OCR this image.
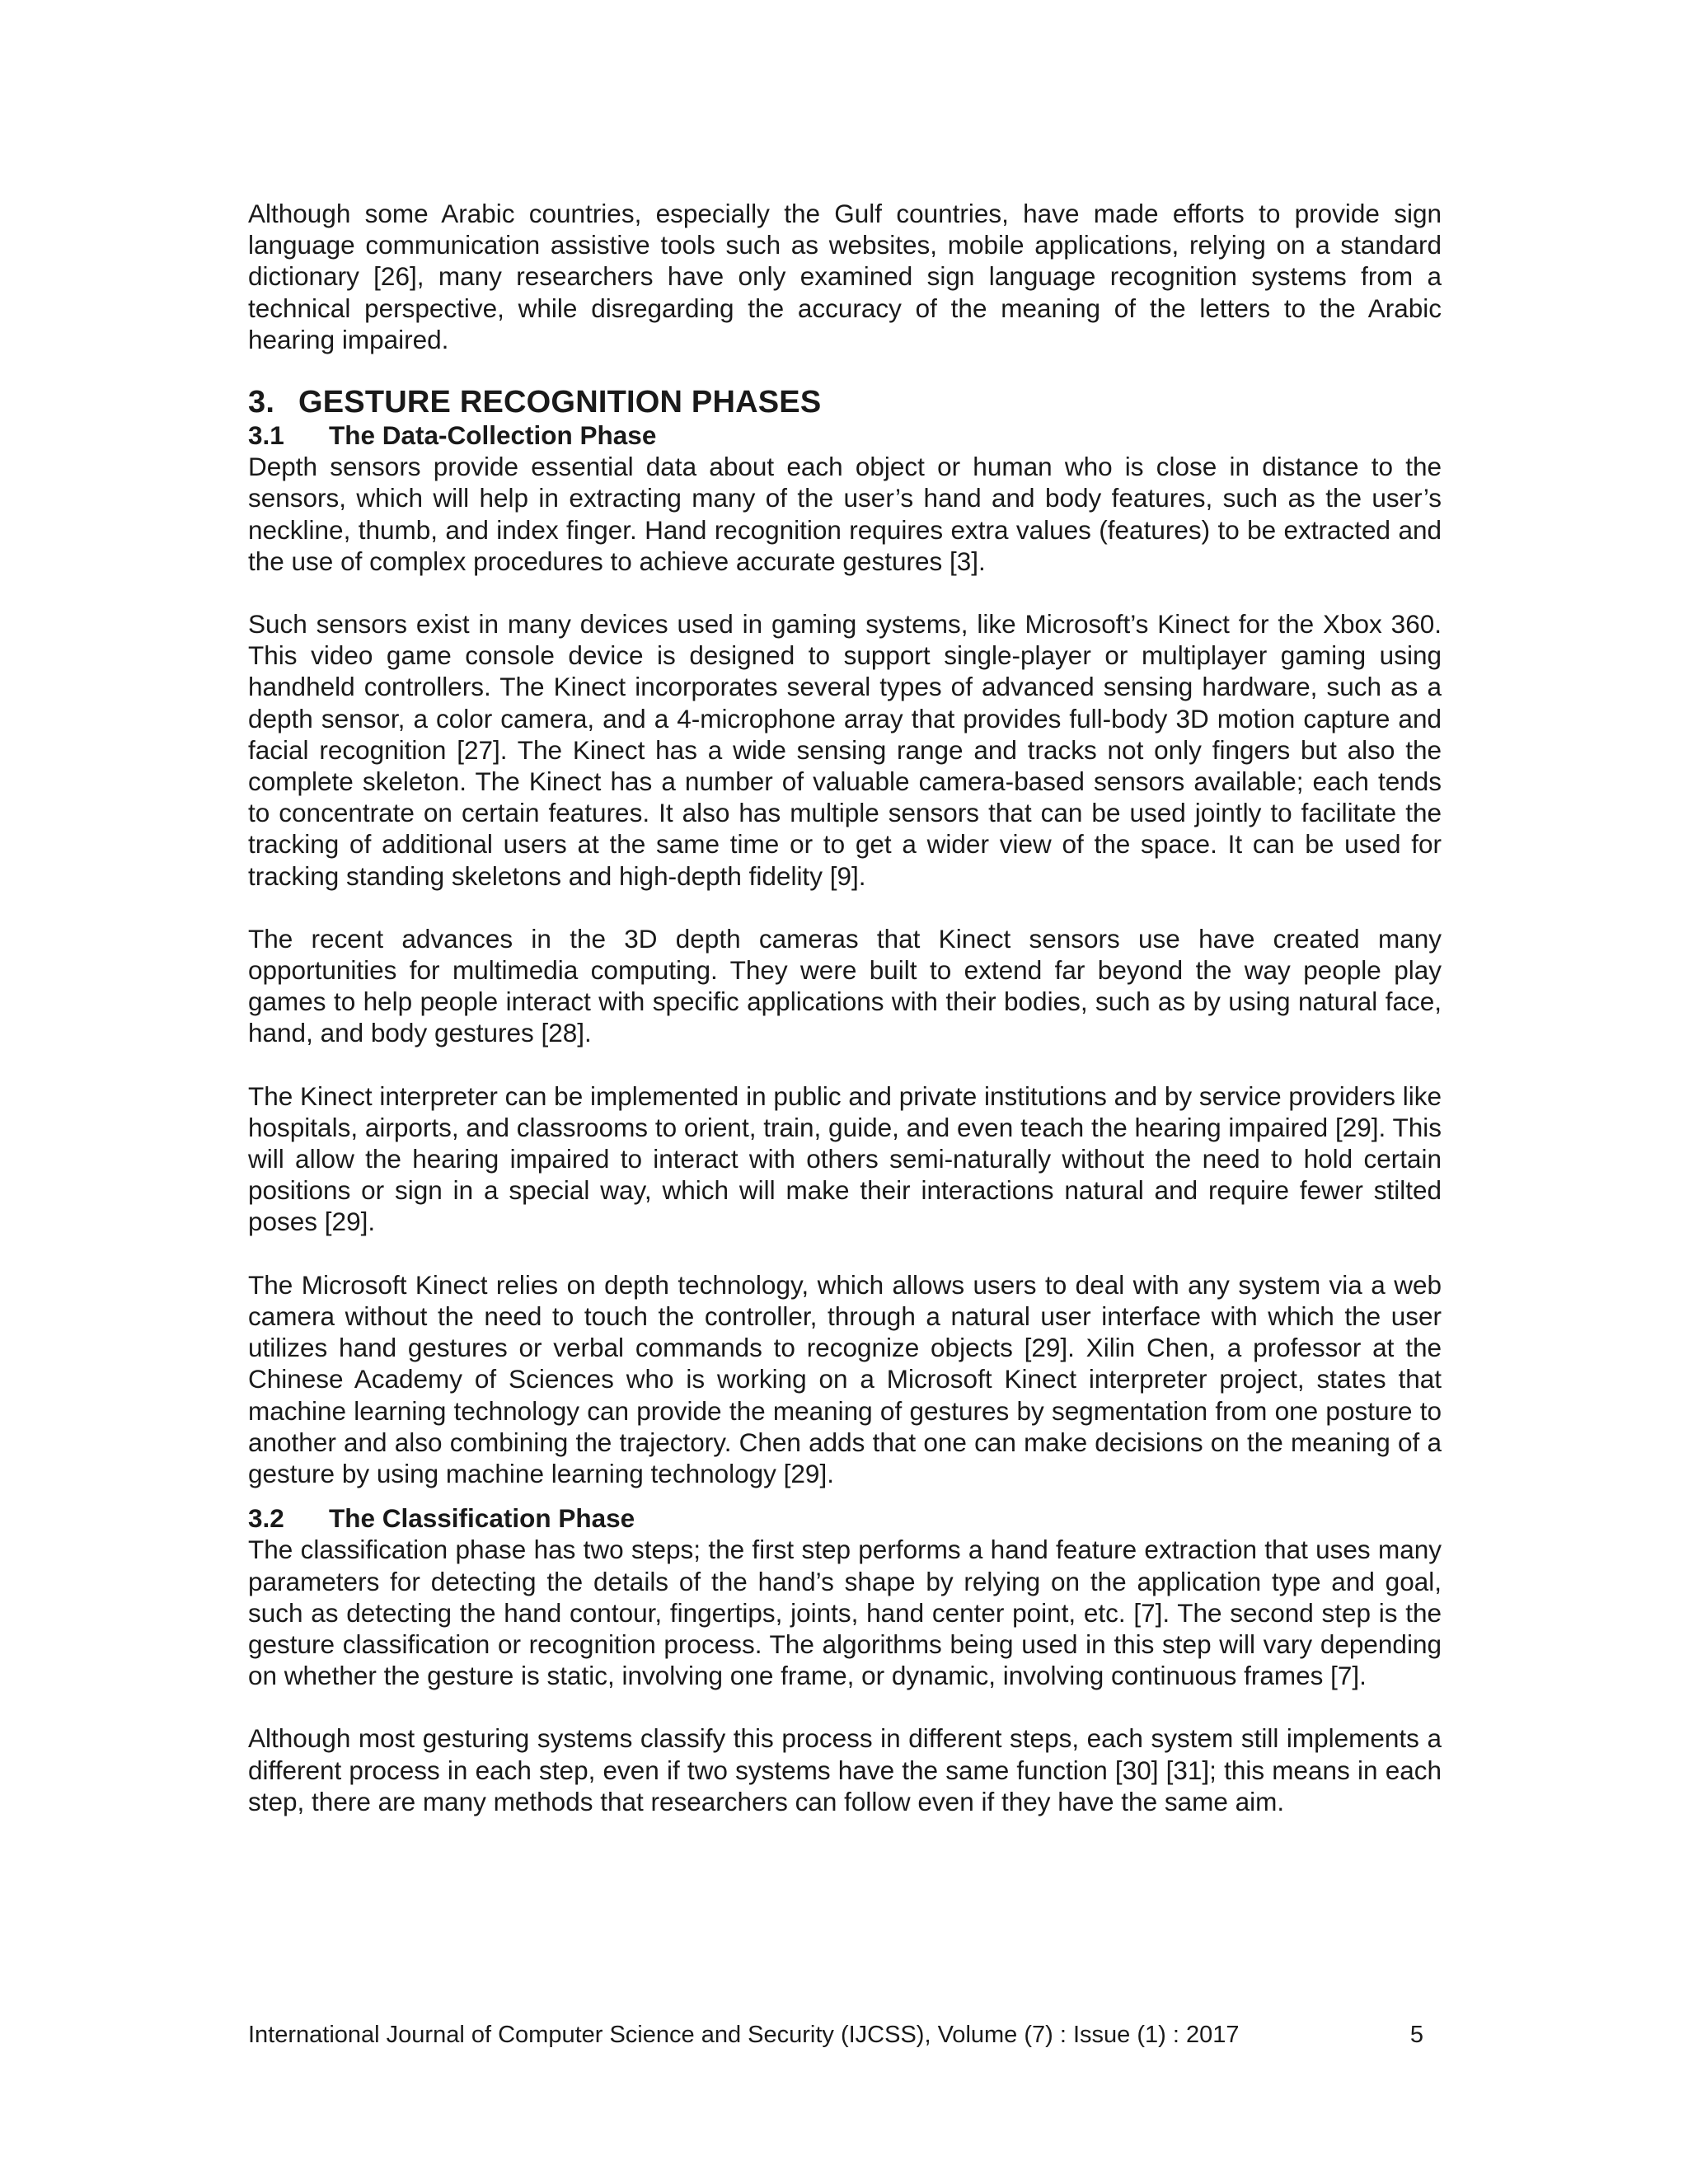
Although some Arabic countries, especially the Gulf countries, have made efforts to provide sign language communication assistive tools such as websites, mobile applications, relying on a standard dictionary [26], many researchers have only examined sign language recognition systems from a technical perspective, while disregarding the accuracy of the meaning of the letters to the Arabic hearing impaired.

3. GESTURE RECOGNITION PHASES
3.1 The Data-Collection Phase

Depth sensors provide essential data about each object or human who is close in distance to the sensors, which will help in extracting many of the user’s hand and body features, such as the user’s neckline, thumb, and index finger. Hand recognition requires extra values (features) to be extracted and the use of complex procedures to achieve accurate gestures [3].

Such sensors exist in many devices used in gaming systems, like Microsoft’s Kinect for the Xbox 360. This video game console device is designed to support single-player or multiplayer gaming using handheld controllers. The Kinect incorporates several types of advanced sensing hardware, such as a depth sensor, a color camera, and a 4-microphone array that provides full-body 3D motion capture and facial recognition [27]. The Kinect has a wide sensing range and tracks not only fingers but also the complete skeleton. The Kinect has a number of valuable camera-based sensors available; each tends to concentrate on certain features. It also has multiple sensors that can be used jointly to facilitate the tracking of additional users at the same time or to get a wider view of the space. It can be used for tracking standing skeletons and high-depth fidelity [9].

The recent advances in the 3D depth cameras that Kinect sensors use have created many opportunities for multimedia computing. They were built to extend far beyond the way people play games to help people interact with specific applications with their bodies, such as by using natural face, hand, and body gestures [28].

The Kinect interpreter can be implemented in public and private institutions and by service providers like hospitals, airports, and classrooms to orient, train, guide, and even teach the hearing impaired [29]. This will allow the hearing impaired to interact with others semi-naturally without the need to hold certain positions or sign in a special way, which will make their interactions natural and require fewer stilted poses [29].

The Microsoft Kinect relies on depth technology, which allows users to deal with any system via a web camera without the need to touch the controller, through a natural user interface with which the user utilizes hand gestures or verbal commands to recognize objects [29]. Xilin Chen, a professor at the Chinese Academy of Sciences who is working on a Microsoft Kinect interpreter project, states that machine learning technology can provide the meaning of gestures by segmentation from one posture to another and also combining the trajectory. Chen adds that one can make decisions on the meaning of a gesture by using machine learning technology [29].

3.2 The Classification Phase

The classification phase has two steps; the first step performs a hand feature extraction that uses many parameters for detecting the details of the hand’s shape by relying on the application type and goal, such as detecting the hand contour, fingertips, joints, hand center point, etc. [7]. The second step is the gesture classification or recognition process. The algorithms being used in this step will vary depending on whether the gesture is static, involving one frame, or dynamic, involving continuous frames [7].

Although most gesturing systems classify this process in different steps, each system still implements a different process in each step, even if two systems have the same function [30] [31]; this means in each step, there are many methods that researchers can follow even if they have the same aim.

International Journal of Computer Science and Security (IJCSS), Volume (7) : Issue (1) : 2017	5
